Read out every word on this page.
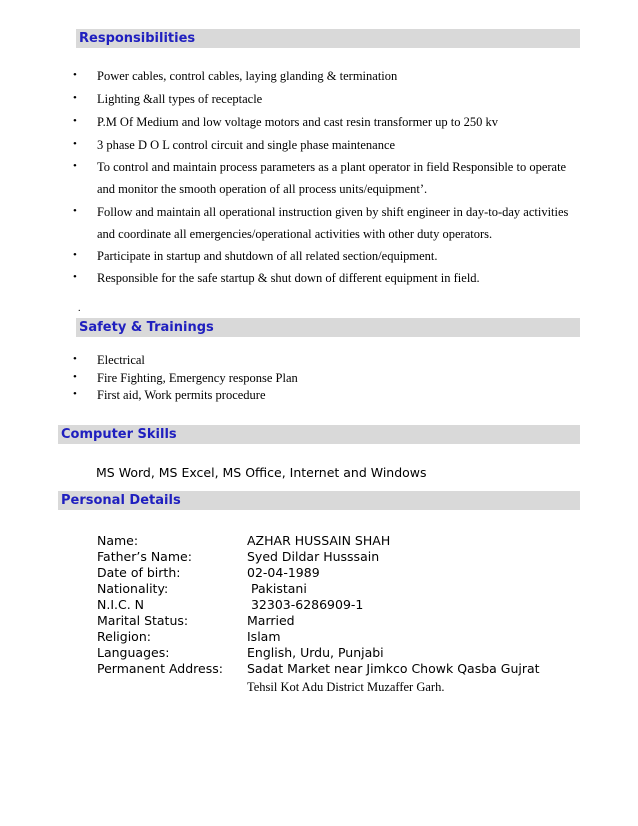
Responsibilities
• Power cables, control cables, laying glanding & termination
• Lighting &all types of receptacle
• P.M Of Medium and low voltage motors and cast resin transformer up to 250 kv
• 3 phase D O L control circuit and single phase maintenance
• To control and maintain process parameters as a plant operator in field Responsible to operate
and monitor the smooth operation of all process units/equipment’.
• Follow and maintain all operational instruction given by shift engineer in day-to-day activities
and coordinate all emergencies/operational activities with other duty operators.
• Participate in startup and shutdown of all related section/equipment.
• Responsible for the safe startup & shut down of different equipment in field.
.
Safety & Trainings
• Electrical
• Fire Fighting, Emergency response Plan
• First aid, Work permits procedure
Computer Skills
MS Word, MS Excel, MS Office, Internet and Windows
Personal Details
Name:	AZHAR HUSSAIN SHAH
Father’s Name:	Syed Dildar Husssain
Date of birth:	02-04-1989
Nationality:	Pakistani
N.I.C. N	32303-6286909-1
Marital Status:	Married
Religion:	Islam
Languages:	English, Urdu, Punjabi
Permanent Address: Sadat Market near Jimkco Chowk Qasba Gujrat
Tehsil Kot Adu District Muzaffer Garh.
